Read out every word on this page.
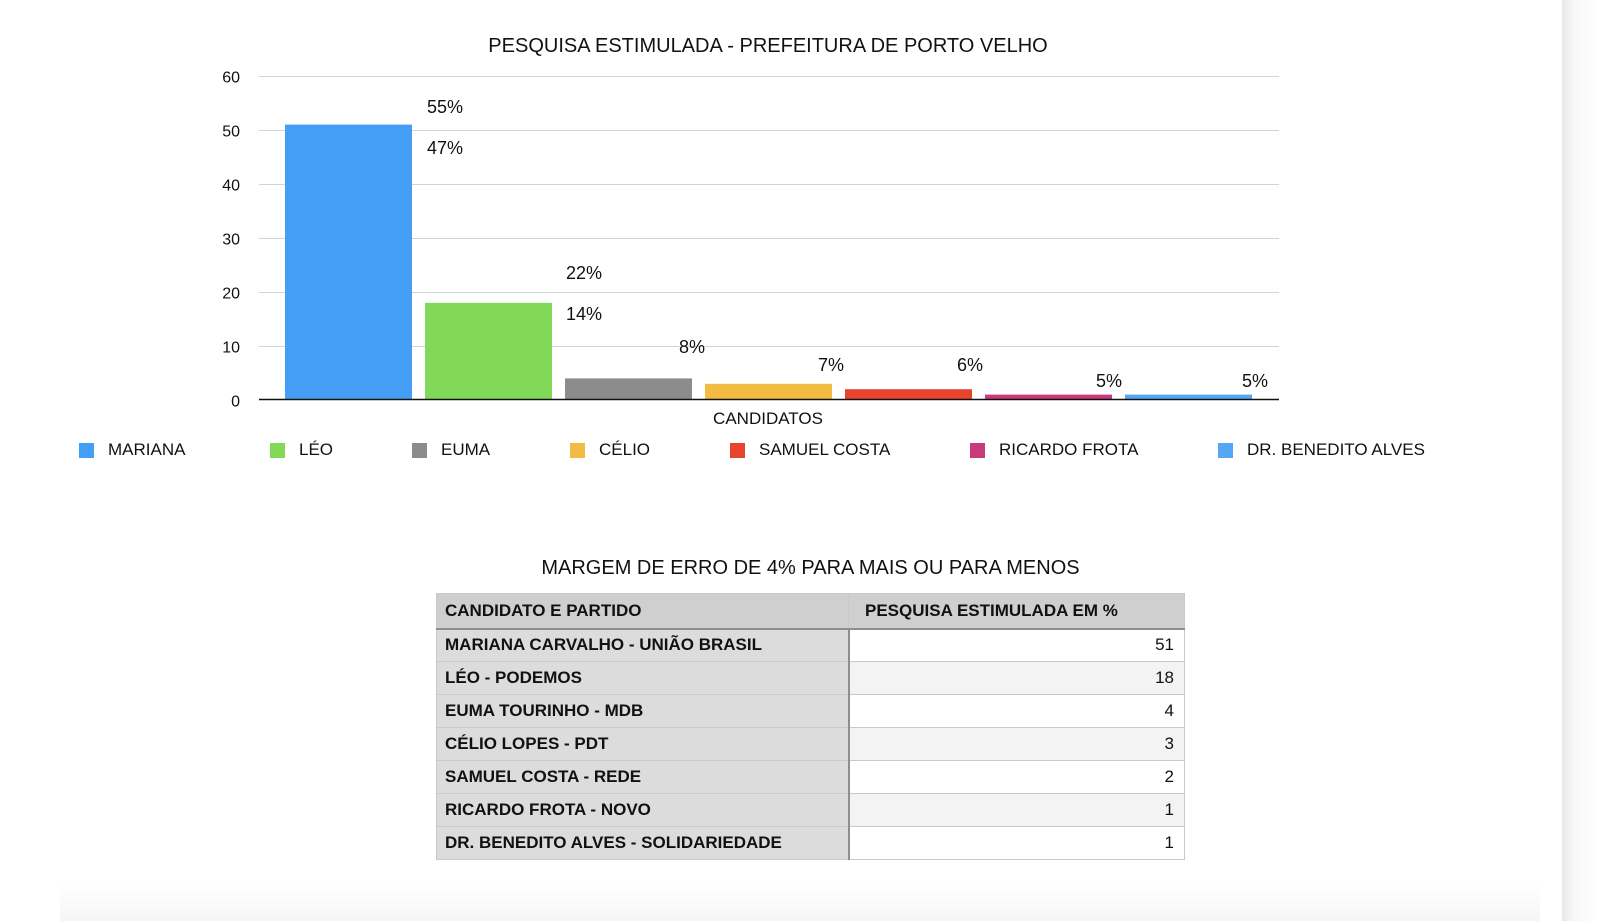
PESQUISA ESTIMULADA - PREFEITURA DE PORTO VELHO
0
10
20
30
40
50
60
55%
47%
22%
14%
8%
7%	6%
5%	5%
CANDIDATOS
MARIANA	LÉO	EUMA	CÉLIO	SAMUEL COSTA	RICARDO FROTA	DR. BENEDITO ALVES
MARGEM DE ERRO DE 4% PARA MAIS OU PARA MENOS
CANDIDATO E PARTIDO	PESQUISA ESTIMULADA EM %
MARIANA CARVALHO - UNIÃO BRASIL	51
LÉO - PODEMOS	18
EUMA TOURINHO - MDB	4
CÉLIO LOPES - PDT	3
SAMUEL COSTA - REDE	2
RICARDO FROTA - NOVO	1
DR. BENEDITO ALVES - SOLIDARIEDADE	1
